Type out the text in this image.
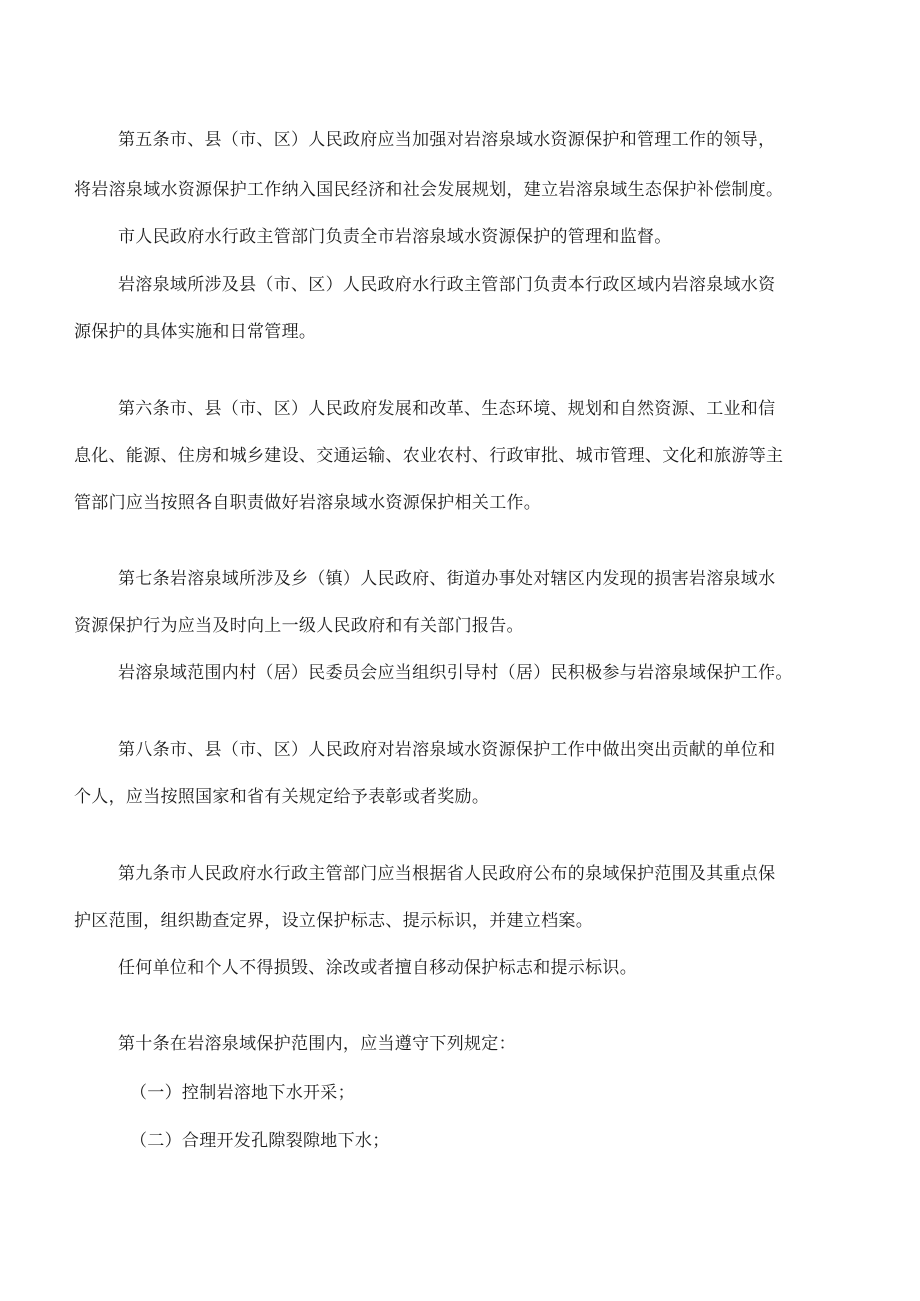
第五条市、县（市、区）人民政府应当加强对岩溶泉域水资源保护和管理工作的领导，

将岩溶泉域水资源保护工作纳入国民经济和社会发展规划，建立岩溶泉域生态保护补偿制度。

市人民政府水行政主管部门负责全市岩溶泉域水资源保护的管理和监督。

岩溶泉域所涉及县（市、区）人民政府水行政主管部门负责本行政区域内岩溶泉域水资

源保护的具体实施和日常管理。

第六条市、县（市、区）人民政府发展和改革、生态环境、规划和自然资源、工业和信

息化、能源、住房和城乡建设、交通运输、农业农村、行政审批、城市管理、文化和旅游等主

管部门应当按照各自职责做好岩溶泉域水资源保护相关工作。

第七条岩溶泉域所涉及乡（镇）人民政府、街道办事处对辖区内发现的损害岩溶泉域水

资源保护行为应当及时向上一级人民政府和有关部门报告。

岩溶泉域范围内村（居）民委员会应当组织引导村（居）民积极参与岩溶泉域保护工作。

第八条市、县（市、区）人民政府对岩溶泉域水资源保护工作中做出突出贡献的单位和

个人，应当按照国家和省有关规定给予表彰或者奖励。

第九条市人民政府水行政主管部门应当根据省人民政府公布的泉域保护范围及其重点保

护区范围，组织勘查定界，设立保护标志、提示标识，并建立档案。

任何单位和个人不得损毁、涂改或者擅自移动保护标志和提示标识。

第十条在岩溶泉域保护范围内，应当遵守下列规定：

（一）控制岩溶地下水开采；

（二）合理开发孔隙裂隙地下水；
